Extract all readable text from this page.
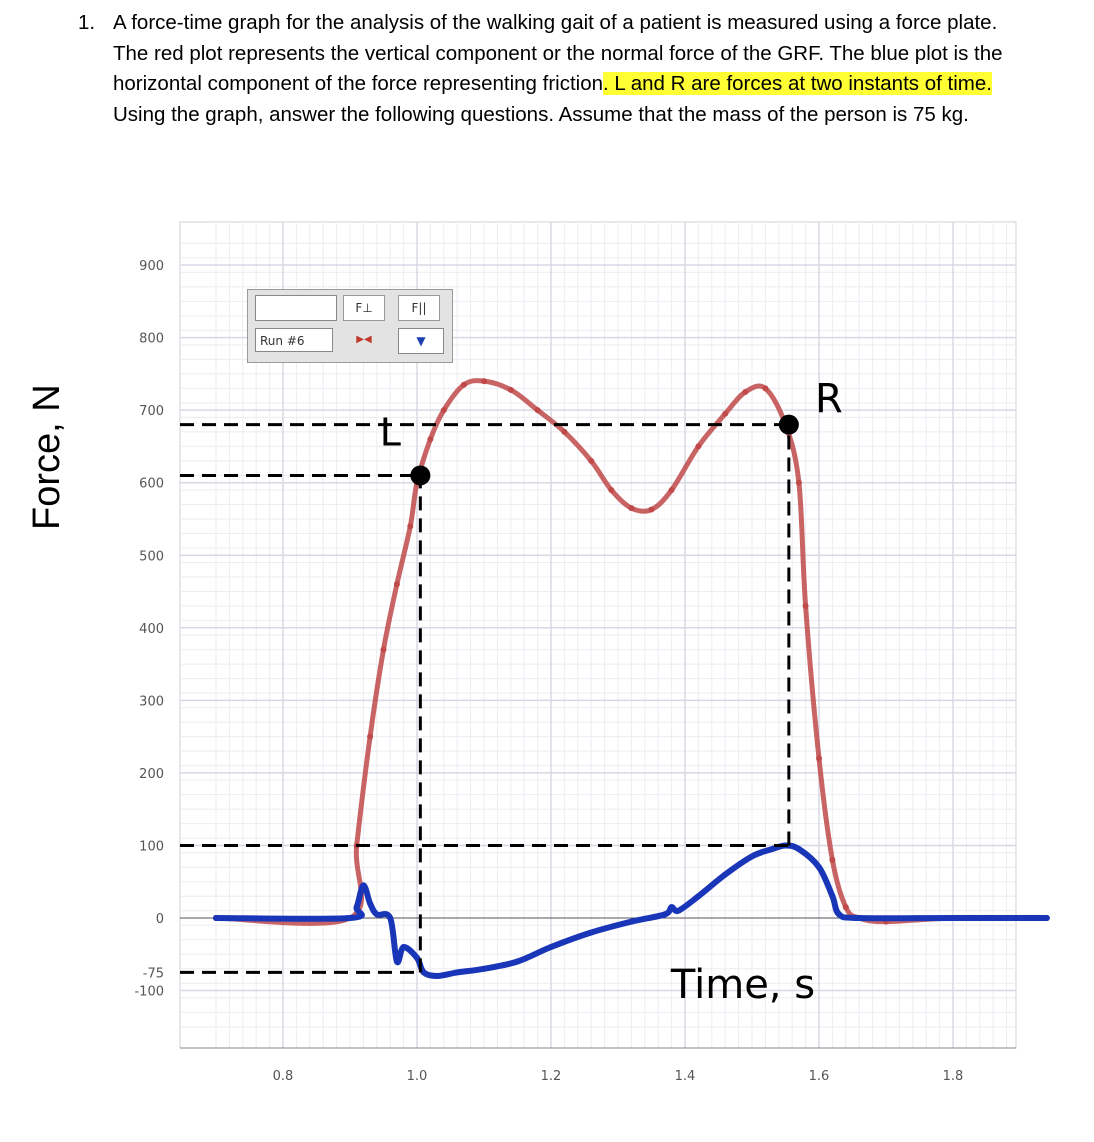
1. A force-time graph for the analysis of the walking gait of a patient is measured using a force plate. The red plot represents the vertical component or the normal force of the GRF. The blue plot is the horizontal component of the force representing friction. L and R are forces at two instants of time. Using the graph, answer the following questions. Assume that the mass of the person is 75 kg.
Force, N
900
800
700
600
500
400
300
200
100
0
-75
-100
0.8	1.0	1.2	1.4	1.6	1.8
L
R
Time, s
F⊥	F||
Run #6	▶◀	▼
